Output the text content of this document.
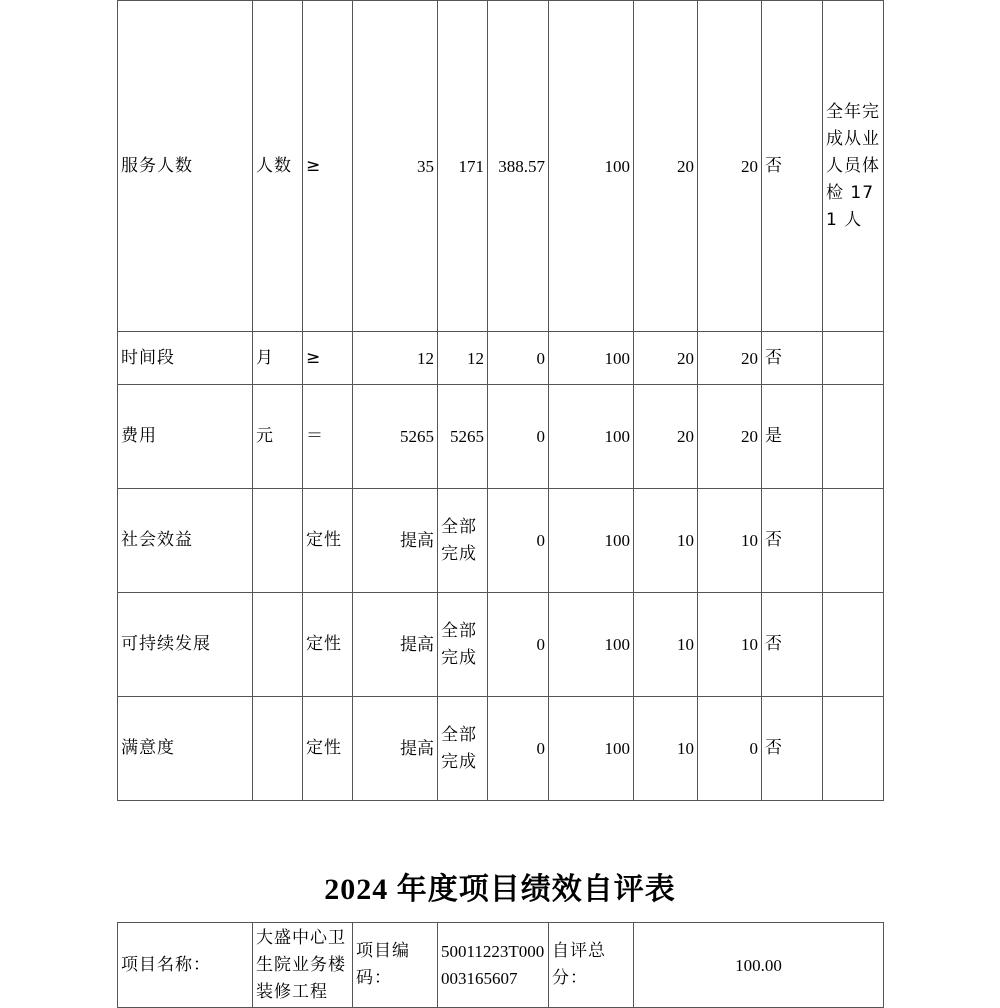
服务人数	人数	≥	35	171	388.57	100	20	20	否	全年完成从业人员体检 171 人
时间段	月	≥	12	12	0	100	20	20	否	
费用	元	＝	5265	5265	0	100	20	20	是	
社会效益		定性	提高	全部完成	0	100	10	10	否	
可持续发展		定性	提高	全部完成	0	100	10	10	否	
满意度		定性	提高	全部完成	0	100	10	0	否	
2024 年度项目绩效自评表
项目名称：	大盛中心卫生院业务楼装修工程	项目编码：	50011223T000003165607	自评总分：	100.00
